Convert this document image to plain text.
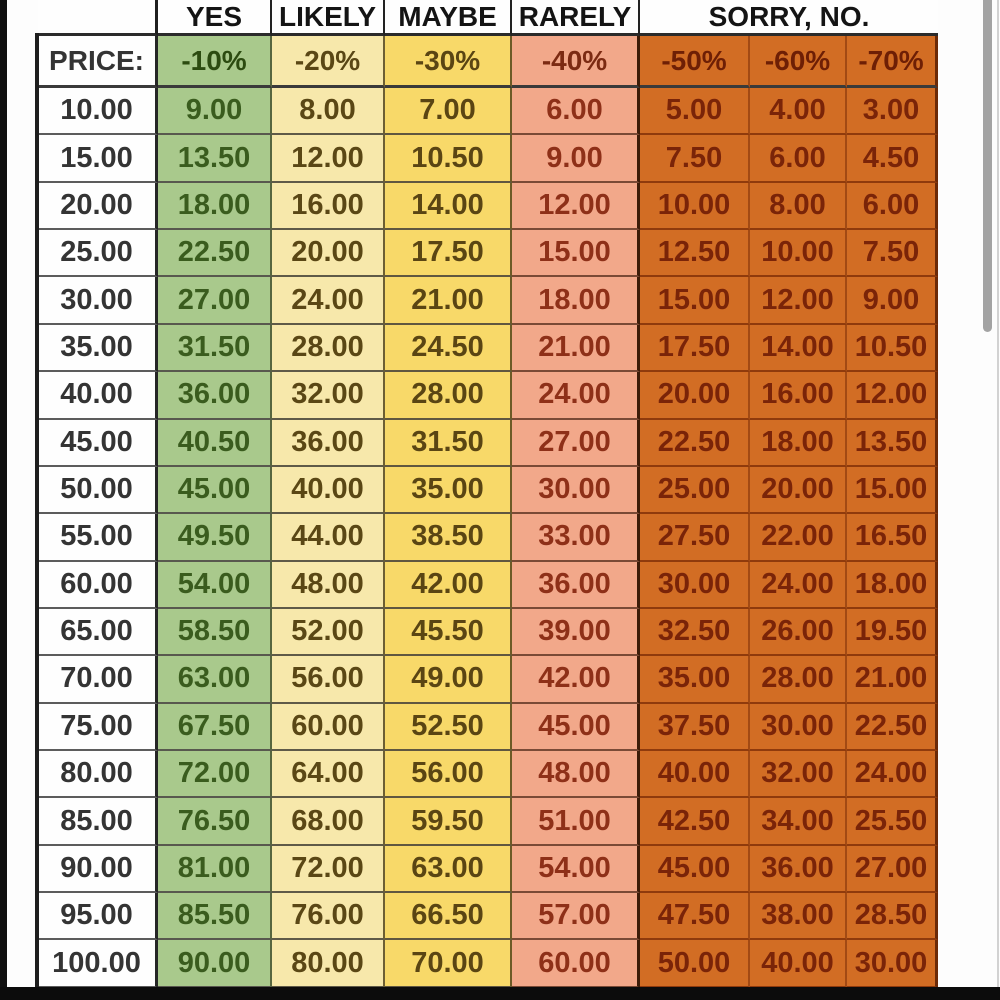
YES	LIKELY MAYBE RARELY	SORRY, NO.
PRICE:	-10%	-20%	-30%	-40%	-50%	-60%	-70%
10.00	9.00	8.00	7.00	6.00	5.00	4.00	3.00
15.00	13.50	12.00	10.50	9.00	7.50	6.00	4.50
20.00	18.00	16.00	14.00	12.00	10.00	8.00	6.00
25.00	22.50	20.00	17.50	15.00	12.50	10.00 7.50
30.00	27.00	24.00	21.00	18.00	15.00	12.00 9.00
35.00	31.50	28.00	24.50	21.00	17.50	14.00 10.50
40.00	36.00	32.00	28.00	24.00	20.00	16.00 12.00
45.00	40.50	36.00	31.50	27.00	22.50	18.00 13.50
50.00	45.00	40.00	35.00	30.00	25.00	20.00 15.00
55.00	49.50	44.00	38.50	33.00	27.50	22.00 16.50
60.00	54.00	48.00	42.00	36.00	30.00	24.00 18.00
65.00	58.50	52.00	45.50	39.00	32.50	26.00 19.50
70.00	63.00	56.00	49.00	42.00	35.00	28.00 21.00
75.00	67.50	60.00	52.50	45.00	37.50	30.00 22.50
80.00	72.00	64.00	56.00	48.00	40.00	32.00 24.00
85.00	76.50	68.00	59.50	51.00	42.50	34.00 25.50
90.00	81.00	72.00	63.00	54.00	45.00	36.00 27.00
95.00	85.50	76.00	66.50	57.00	47.50	38.00 28.50
100.00	90.00	80.00	70.00	60.00	50.00	40.00 30.00
